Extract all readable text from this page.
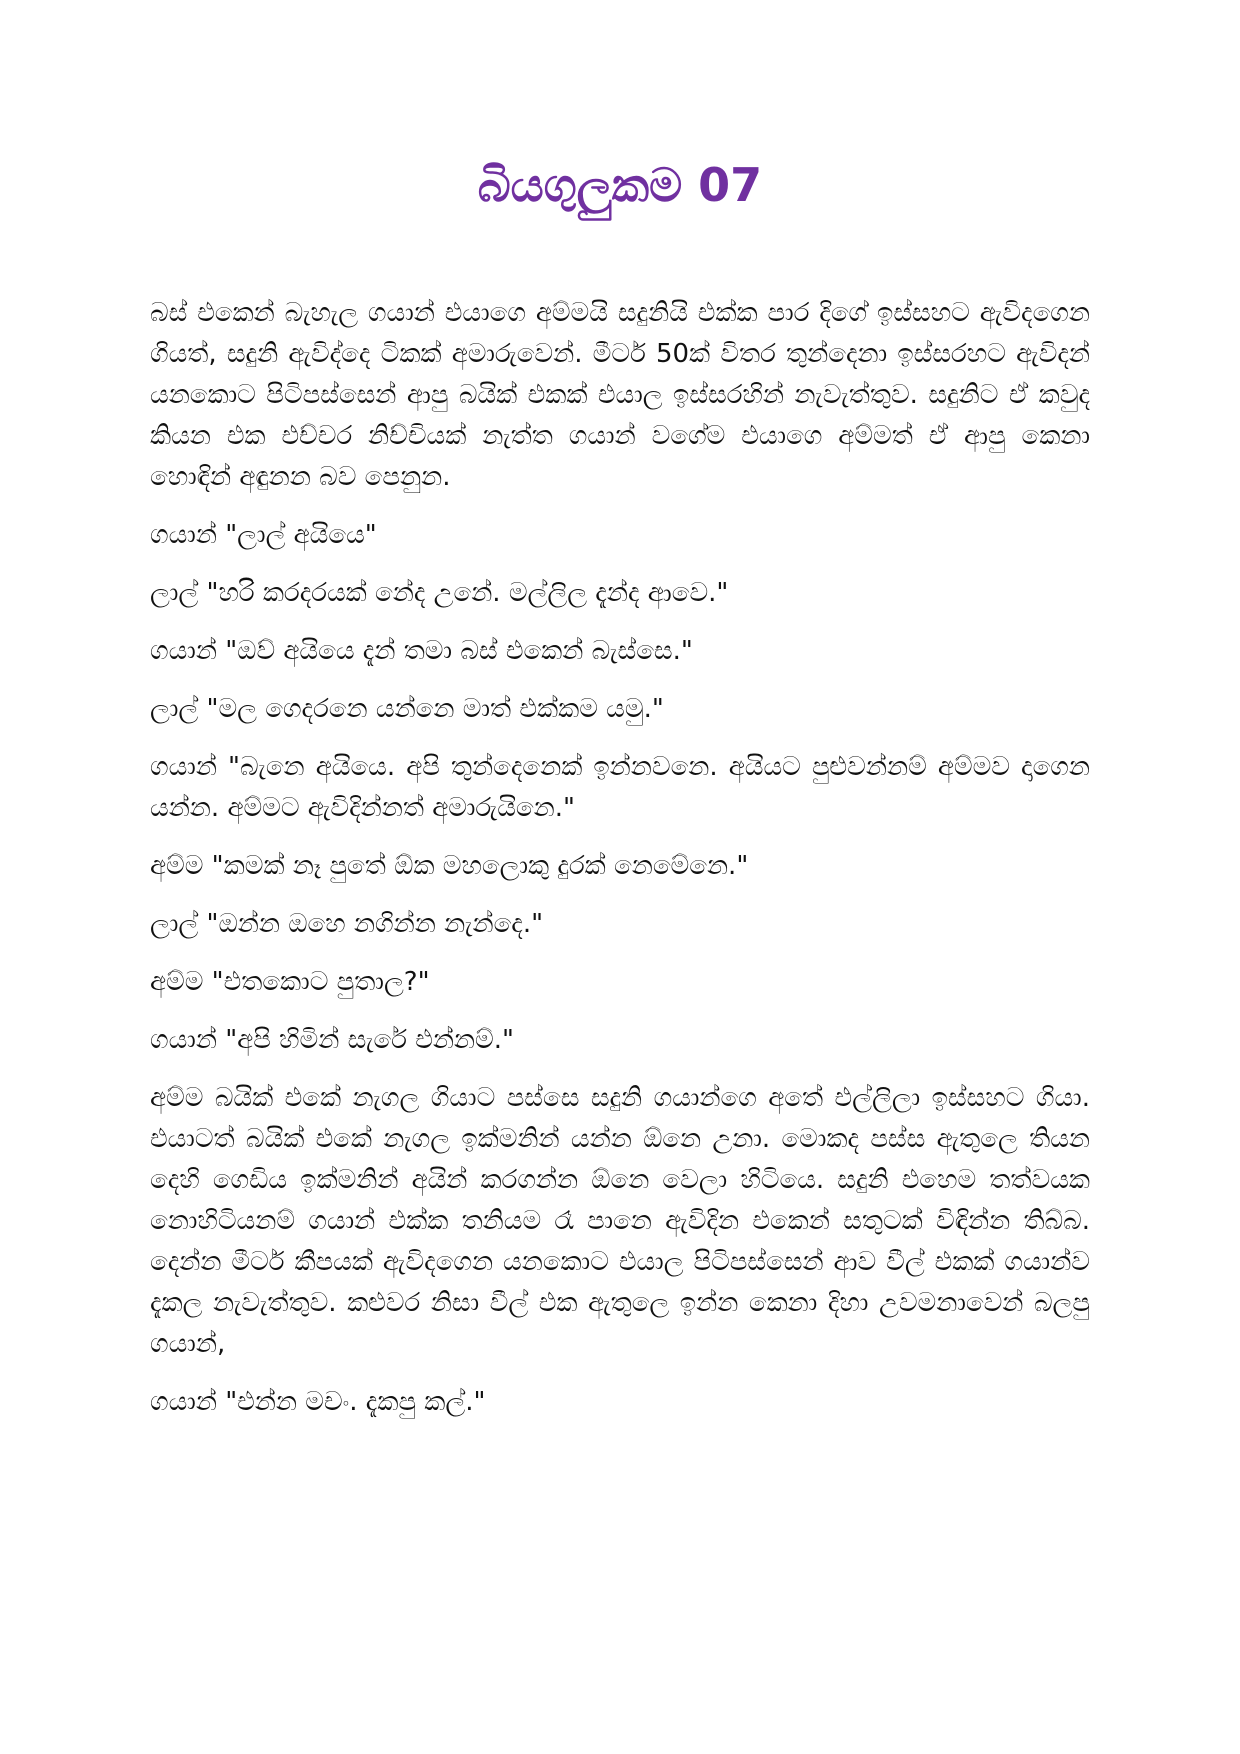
බියගුලුකම 07

බස් එකෙන් බැහැල ගයාන් එයාගෙ අම්මයි සදුනියි එක්ක පාර දිගේ ඉස්සහට ඇවිදගෙන ගියත්, සදුනි ඇවිද්දෙ ටිකක් අමාරුවෙන්. මීටර් 50ක් විතර තුන්දෙනා ඉස්සරහට ඇවිදන් යනකොට පිටිපස්සෙන් ආපු බයික් එකක් එයාල ඉස්සරහින් නැවැත්තුව. සදුනිට ඒ කවුද කියන එක එච්චර නිච්චියක් නැත්ත ගයාන් වගේම එයාගෙ අම්මත් ඒ ආපු කෙනා හොඳින් අඳුනන බව පෙනුන.

ගයාන් "ලාල් අයියෙ"

ලාල් "හරි කරදරයක් නේද උනේ. මල්ලිල දැන්ද ආවෙ."

ගයාන් "ඔව් අයියෙ දැන් තමා බස් එකෙන් බැස්සෙ."

ලාල් "මල ගෙදරනෙ යන්නෙ මාත් එක්කම යමු."

ගයාන් "බැනෙ අයියෙ. අපි තුන්දෙනෙක් ඉන්නවනෙ. අයියට පුළුවන්නම් අම්මව දාගෙන යන්න. අම්මට ඇවිදින්නත් අමාරුයිනෙ."

අම්ම "කමක් නෑ පුතේ ඕක මහලොකු දුරක් නෙමේනෙ."

ලාල් "ඔන්න ඔහෙ නගින්න නැන්දෙ."

අම්ම "එතකොට පුතාල?"

ගයාන් "අපි හිමින් සැරේ එන්නම්."

අම්ම බයික් එකේ නැගල ගියාට පස්සෙ සදුනි ගයාන්ගෙ අතේ එල්ලිලා ඉස්සහට ගියා. එයාටත් බයික් එකේ නැගල ඉක්මනින් යන්න ඕනෙ උනා. මොකද පස්ස ඇතුලෙ තියන දෙහි ගෙඩිය ඉක්මනින් අයින් කරගන්න ඕනෙ වෙලා හිටියෙ. සදුනි එහෙම තත්වයක නොහිටියනම් ගයාන් එක්ක තනියම රෑ පානෙ ඇවිදින එකෙන් සතුටක් විඳින්න තිබ්බ. දෙන්න මීටර් කීපයක් ඇවිදගෙන යනකොට එයාල පිටිපස්සෙන් ආව වීල් එකක් ගයාන්ව දැකල නැවැත්තුව. කළුවර නිසා වීල් එක ඇතුලෙ ඉන්න කෙනා දිහා උවමනාවෙන් බලපු ගයාන්,

ගයාන් "එන්න මචං. දැකපු කල්."
